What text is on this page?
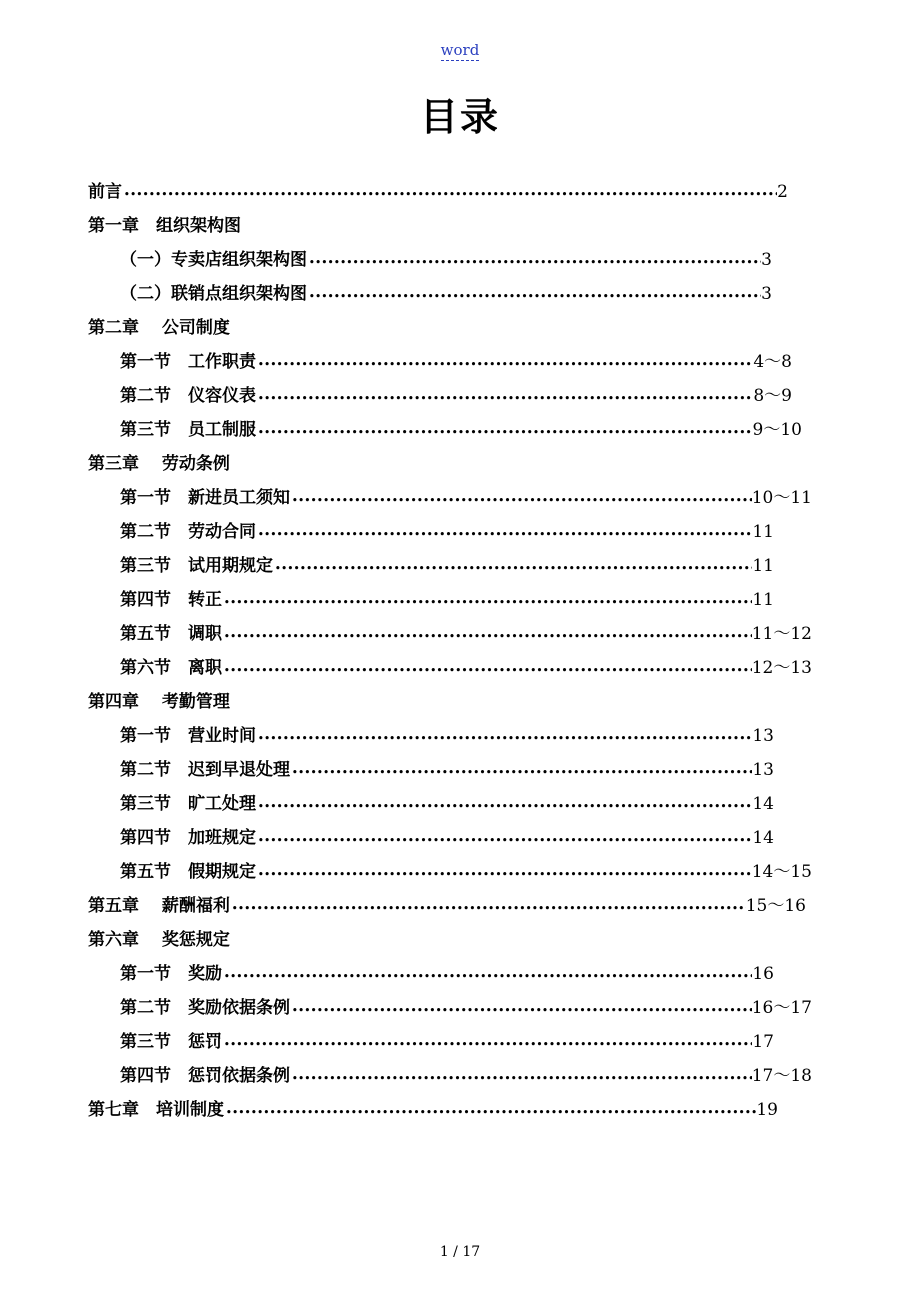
word
目录
前言 •••••	2
第一章　组织架构图
（一）专卖店组织架构图 •••••	3
（二）联销点组织架构图 •••••	3
第二章　 公司制度
第一节　工作职责 •••••	4～8
第二节　仪容仪表 •••••	8～9
第三节　员工制服 •••••	9～10
第三章　 劳动条例
第一节　新进员工须知 •••••	10～11
第二节　劳动合同 •••••	11
第三节　试用期规定 •••••	11
第四节　转正 •••••	11
第五节　调职 •••••	11～12
第六节　离职 •••••	12～13
第四章　 考勤管理
第一节　营业时间 •••••	13
第二节　迟到早退处理 •••••	13
第三节　旷工处理 •••••	14
第四节　加班规定 •••••	14
第五节　假期规定 •••••	14～15
第五章　 薪酬福利 •••••	15～16
第六章　 奖惩规定
第一节　奖励 •••••	16
第二节　奖励依据条例 •••••	16～17
第三节　惩罚 •••••	17
第四节　惩罚依据条例 •••••	17～18
第七章　培训制度 •••••	19
1 / 17
